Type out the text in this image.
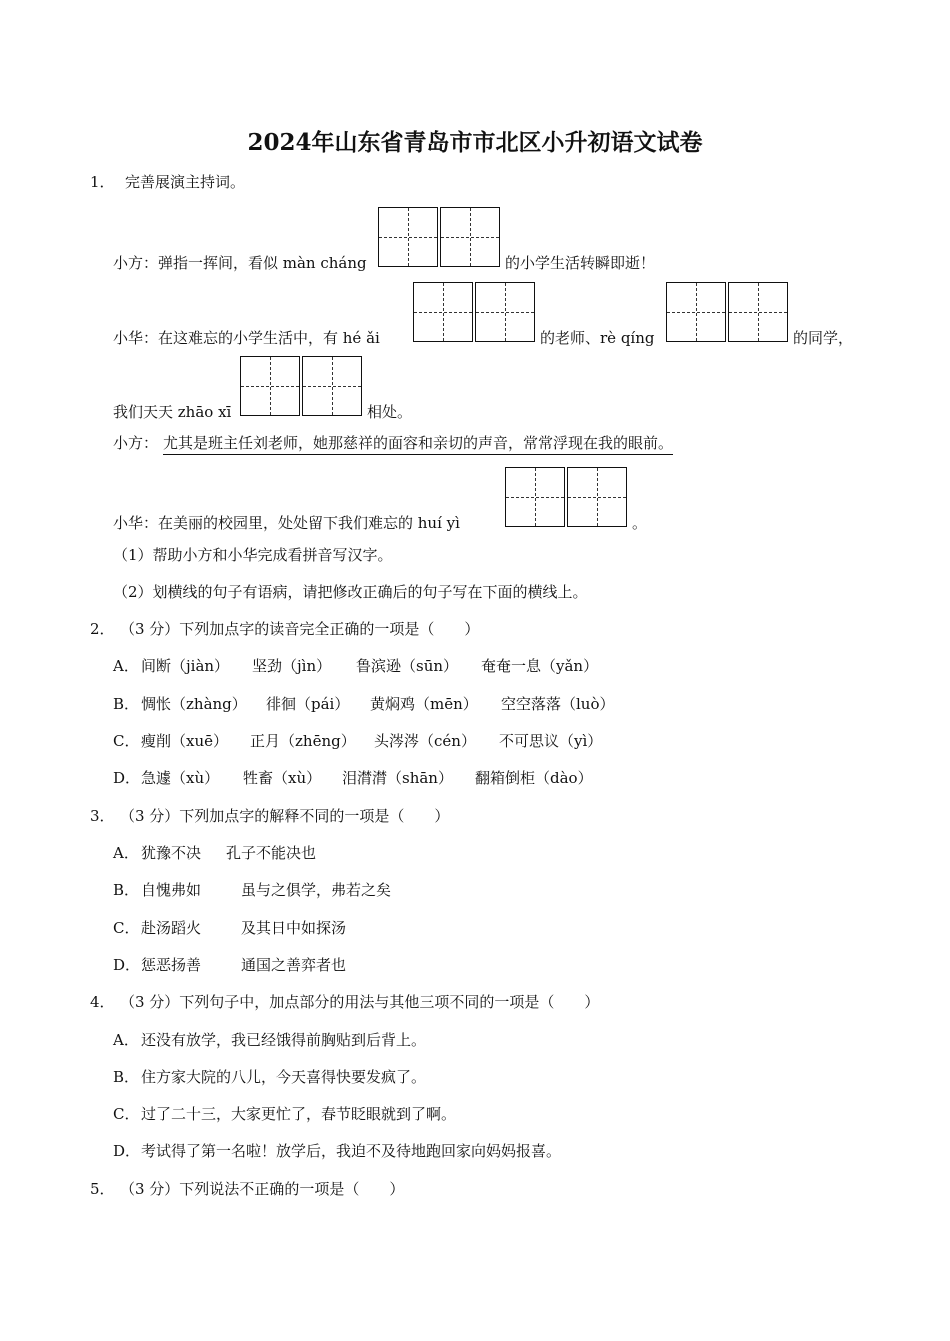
2024年山东省青岛市市北区小升初语文试卷
1． 完善展演主持词。
小方：弹指一挥间，看似 màn cháng	的小学生活转瞬即逝！
小华：在这难忘的小学生活中，有 hé ǎi	的老师、rè qíng	的同学，
我们天天 zhāo xī	相处。
小方： 尤其是班主任刘老师，她那慈祥的面容和亲切的声音，常常浮现在我的眼前。
小华：在美丽的校园里，处处留下我们难忘的 huí yì	。
（1）帮助小方和小华完成看拼音写汉字。
（2）划横线的句子有语病，请把修改正确后的句子写在下面的横线上。
2． （3 分）下列加点字的读音完全正确的一项是（　　）
A． 间断（jiàn） 坚劲（jìn） 鲁滨逊（sūn） 奄奄一息（yǎn）
B． 惆怅（zhàng） 徘徊（pái） 黄焖鸡（mēn） 空空落落（luò）
C． 瘦削（xuē） 正月（zhēng） 头涔涔（cén） 不可思议（yì）
D． 急遽（xù） 牲畜（xù） 泪潸潸（shān） 翻箱倒柜（dào）
3． （3 分）下列加点字的解释不同的一项是（　　）
A． 犹豫不决 孔子不能决也
B． 自愧弗如	虽与之俱学，弗若之矣
C． 赴汤蹈火	及其日中如探汤
D． 惩恶扬善	通国之善弈者也
4． （3 分）下列句子中，加点部分的用法与其他三项不同的一项是（　　）
A． 还没有放学，我已经饿得前胸贴到后背上。
B． 住方家大院的八儿，今天喜得快要发疯了。
C． 过了二十三，大家更忙了，春节眨眼就到了啊。
D． 考试得了第一名啦！放学后，我迫不及待地跑回家向妈妈报喜。
5． （3 分）下列说法不正确的一项是（　　）
